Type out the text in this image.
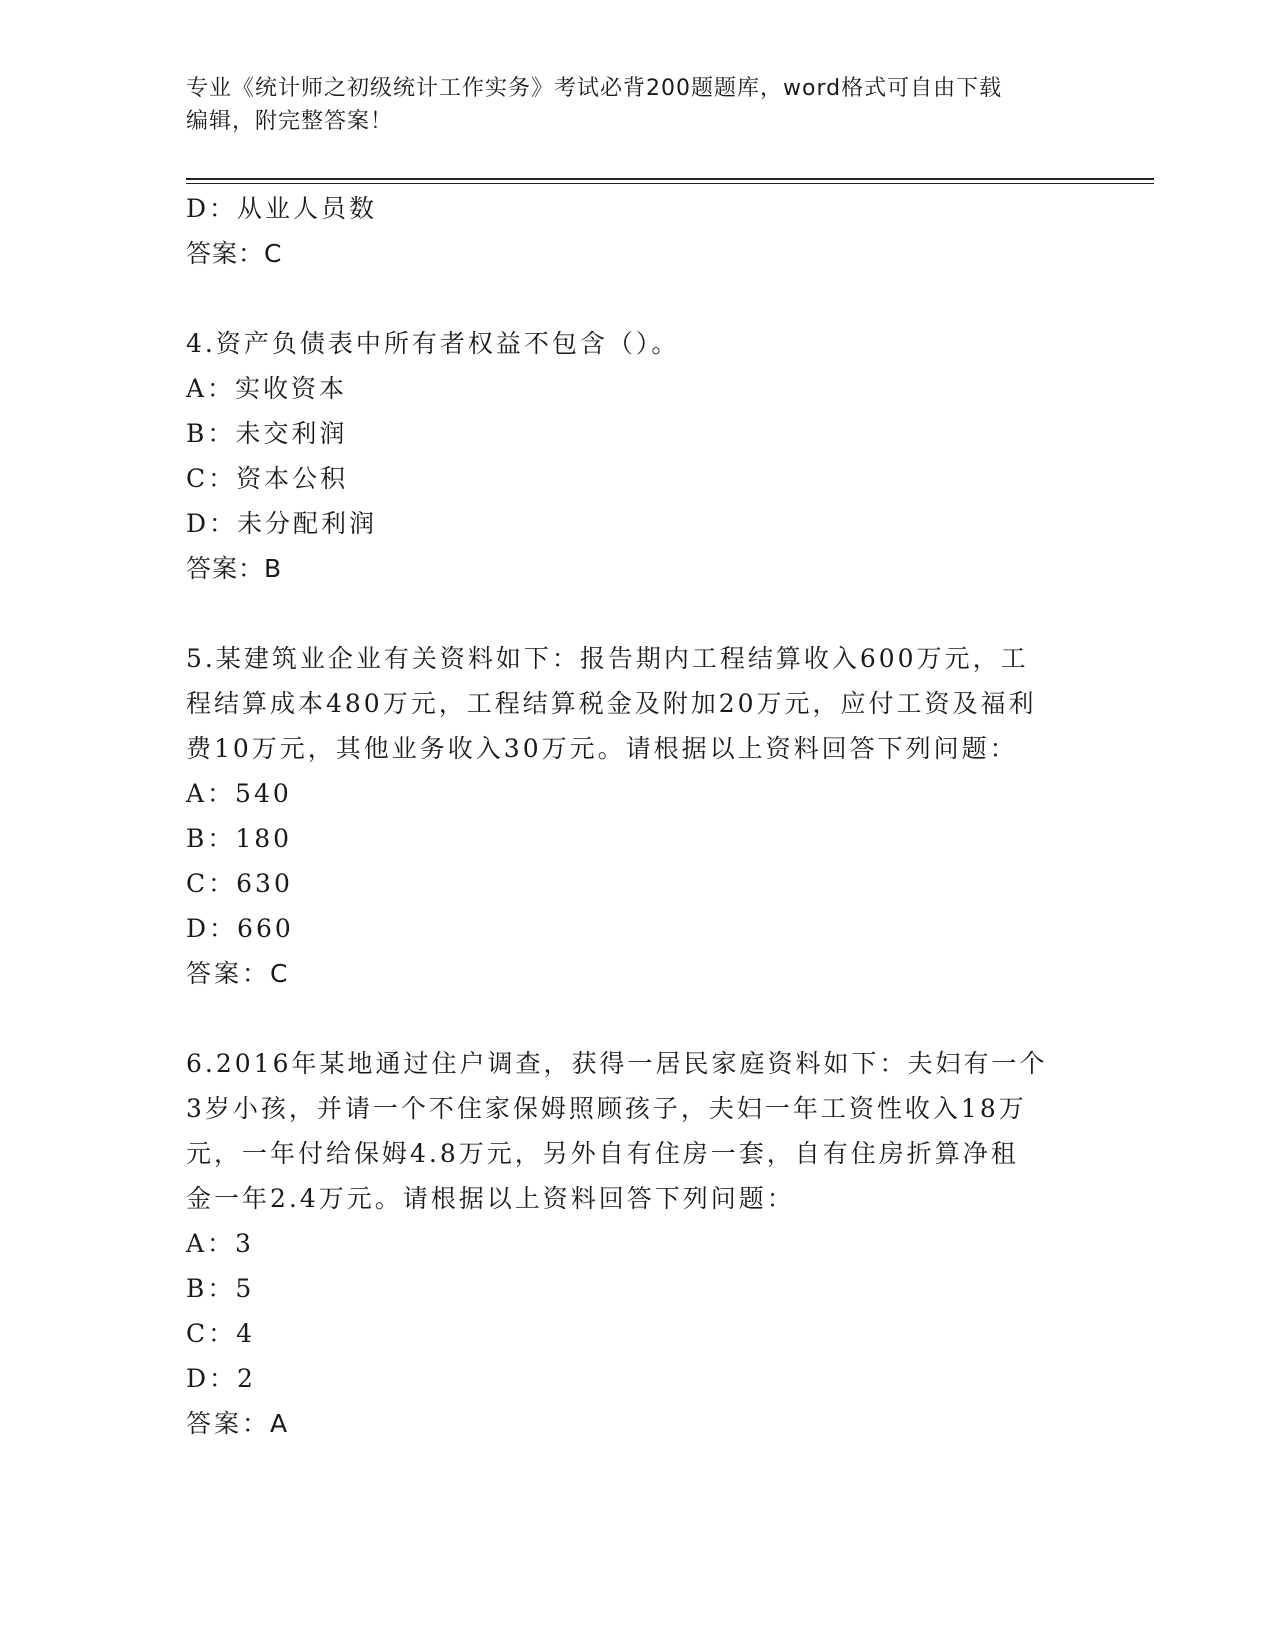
专业《统计师之初级统计工作实务》考试必背200题题库，word格式可自由下载
编辑，附完整答案！
D：从业人员数
答案：C
4.资产负债表中所有者权益不包含（）。
A：实收资本
B：未交利润
C：资本公积
D：未分配利润
答案：B
5.某建筑业企业有关资料如下：报告期内工程结算收入600万元，工
程结算成本480万元，工程结算税金及附加20万元，应付工资及福利
费10万元，其他业务收入30万元。请根据以上资料回答下列问题：
A：540
B：180
C：630
D：660
答案：C
6.2016年某地通过住户调查，获得一居民家庭资料如下：夫妇有一个
3岁小孩，并请一个不住家保姆照顾孩子，夫妇一年工资性收入18万
元，一年付给保姆4.8万元，另外自有住房一套，自有住房折算净租
金一年2.4万元。请根据以上资料回答下列问题：
A：3
B：5
C：4
D：2
答案：A
